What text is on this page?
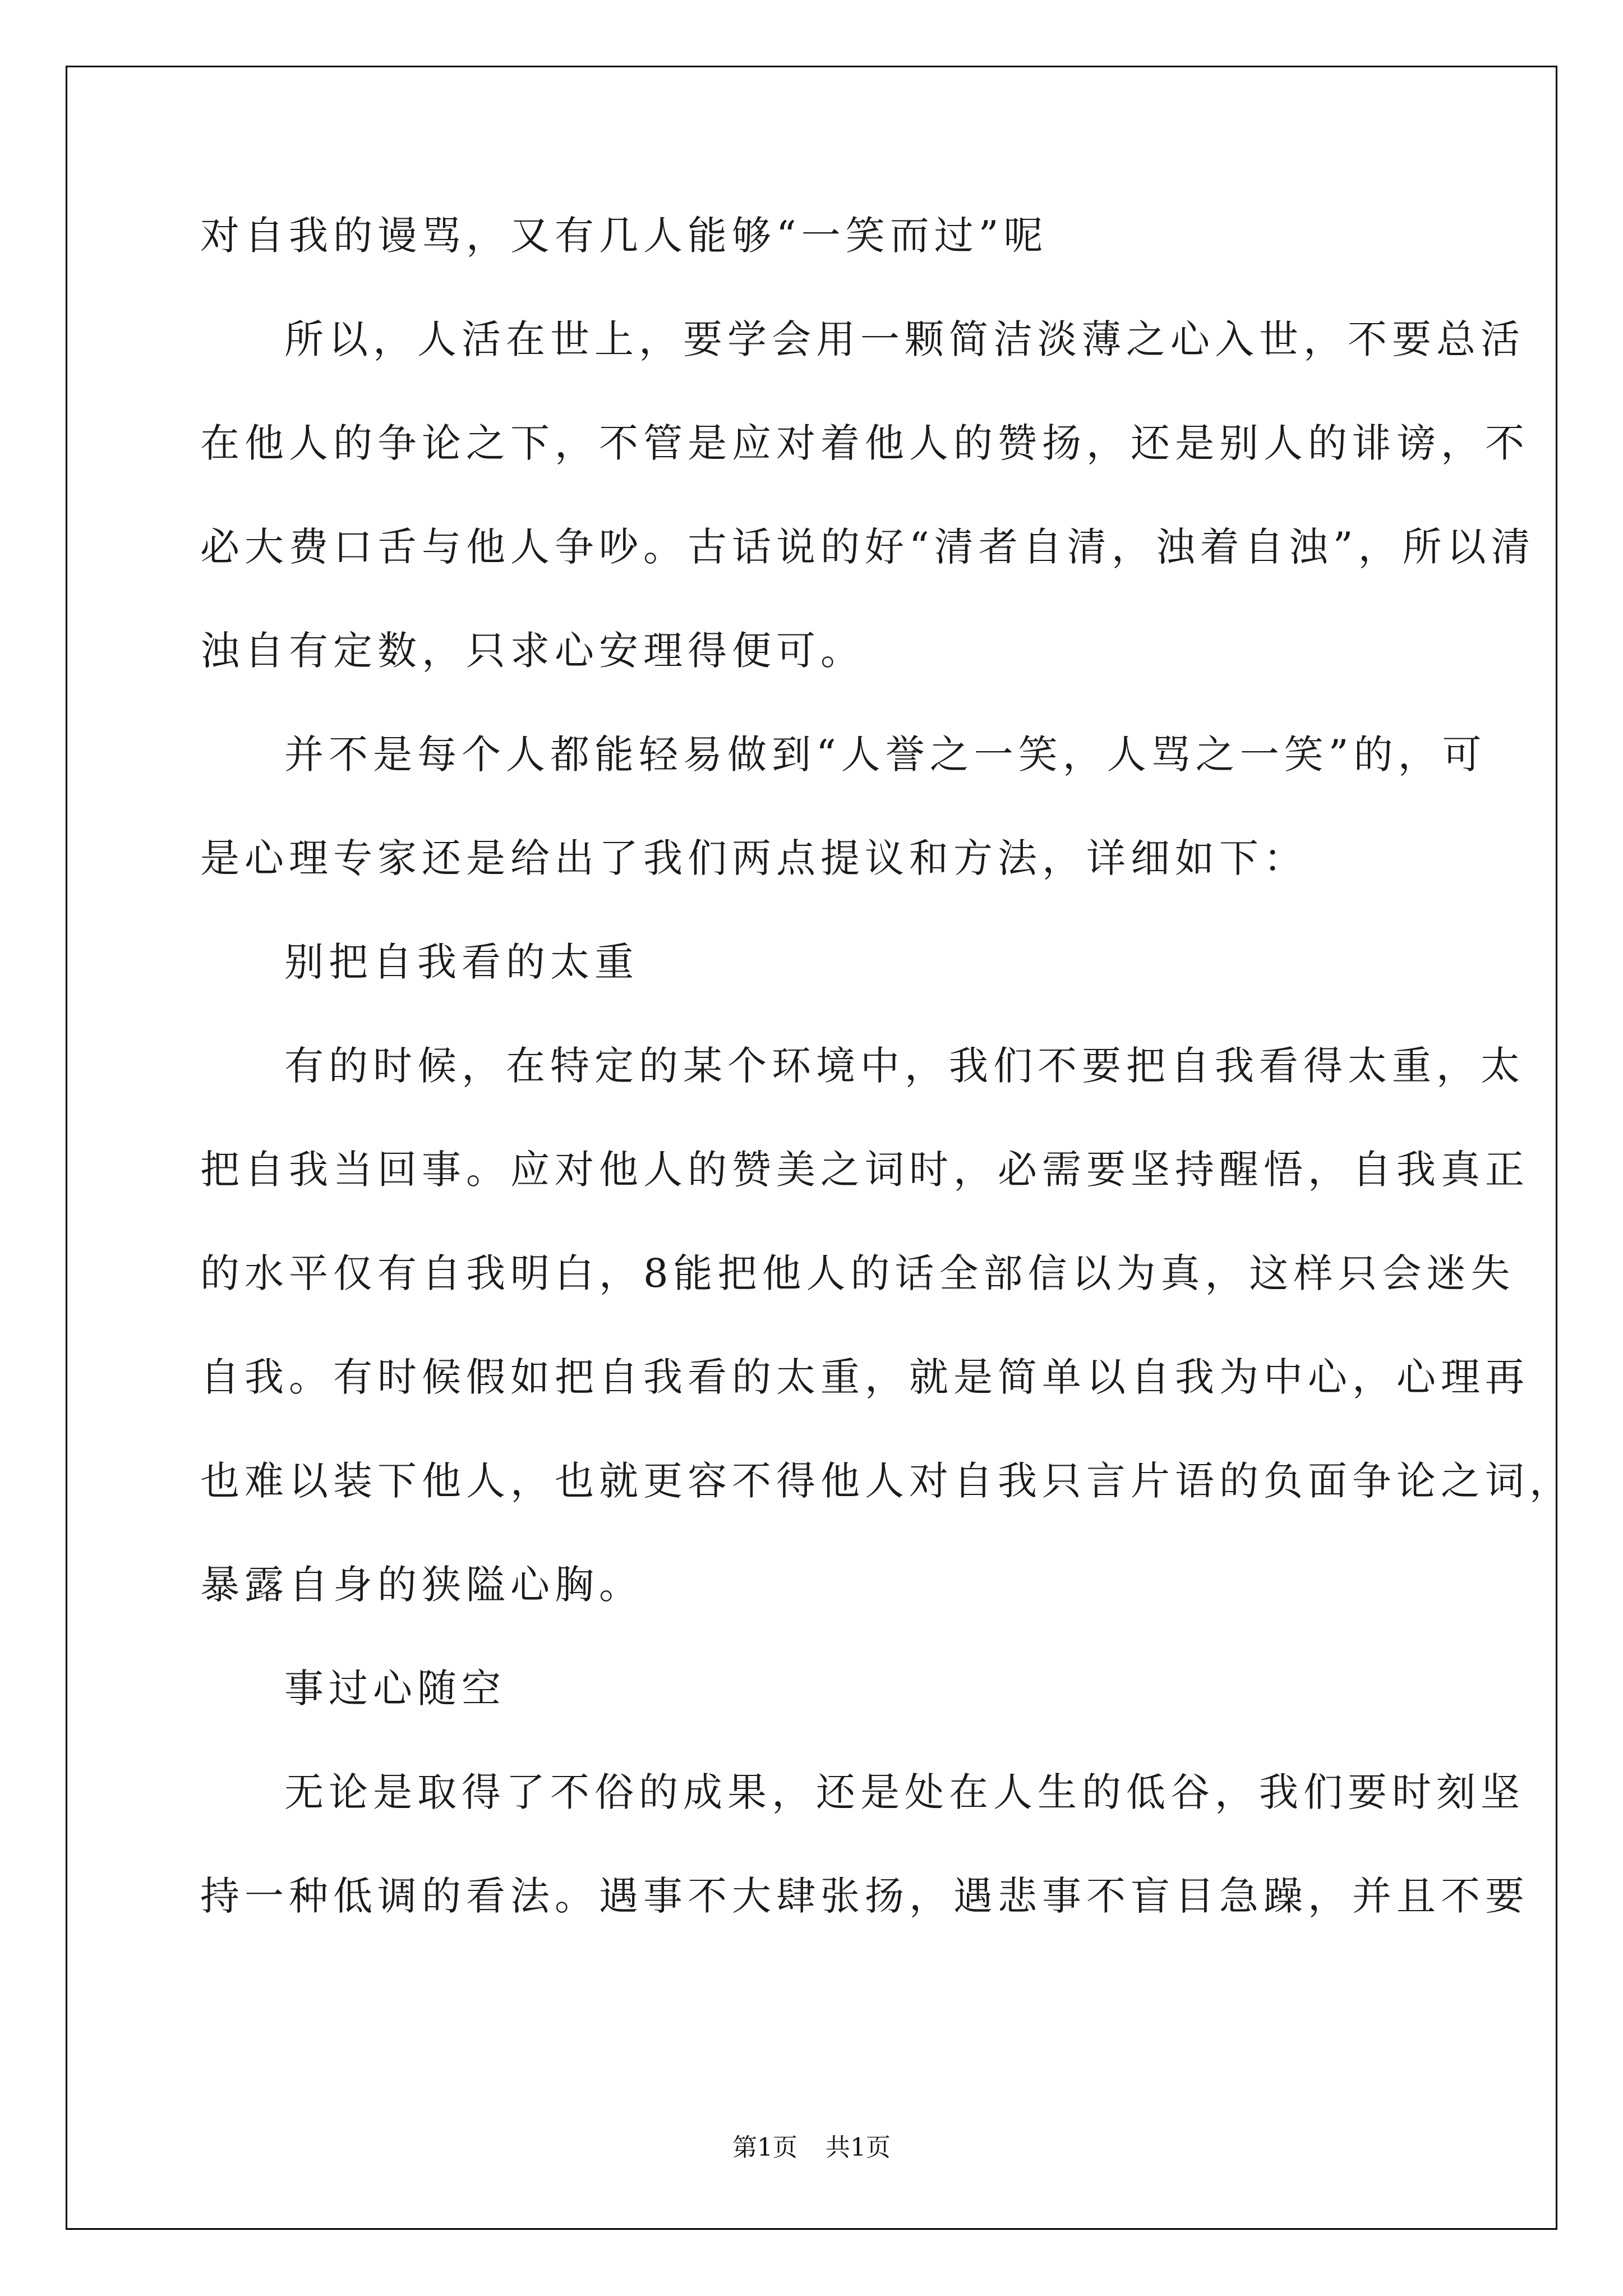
对自我的谩骂，又有几人能够“一笑而过”呢
所以，人活在世上，要学会用一颗简洁淡薄之心入世，不要总活
在他人的争论之下，不管是应对着他人的赞扬，还是别人的诽谤，不
必大费口舌与他人争吵。古话说的好“清者自清，浊着自浊”，所以清
浊自有定数，只求心安理得便可。
并不是每个人都能轻易做到“人誉之一笑，人骂之一笑”的，可
是心理专家还是给出了我们两点提议和方法，详细如下：
别把自我看的太重
有的时候，在特定的某个环境中，我们不要把自我看得太重，太
把自我当回事。应对他人的赞美之词时，必需要坚持醒悟，自我真正
的水平仅有自我明白，8能把他人的话全部信以为真，这样只会迷失
自我。有时候假如把自我看的太重，就是简单以自我为中心，心理再
也难以装下他人，也就更容不得他人对自我只言片语的负面争论之词，
暴露自身的狭隘心胸。
事过心随空
无论是取得了不俗的成果，还是处在人生的低谷，我们要时刻坚
持一种低调的看法。遇事不大肆张扬，遇悲事不盲目急躁，并且不要
第1页 共1页
